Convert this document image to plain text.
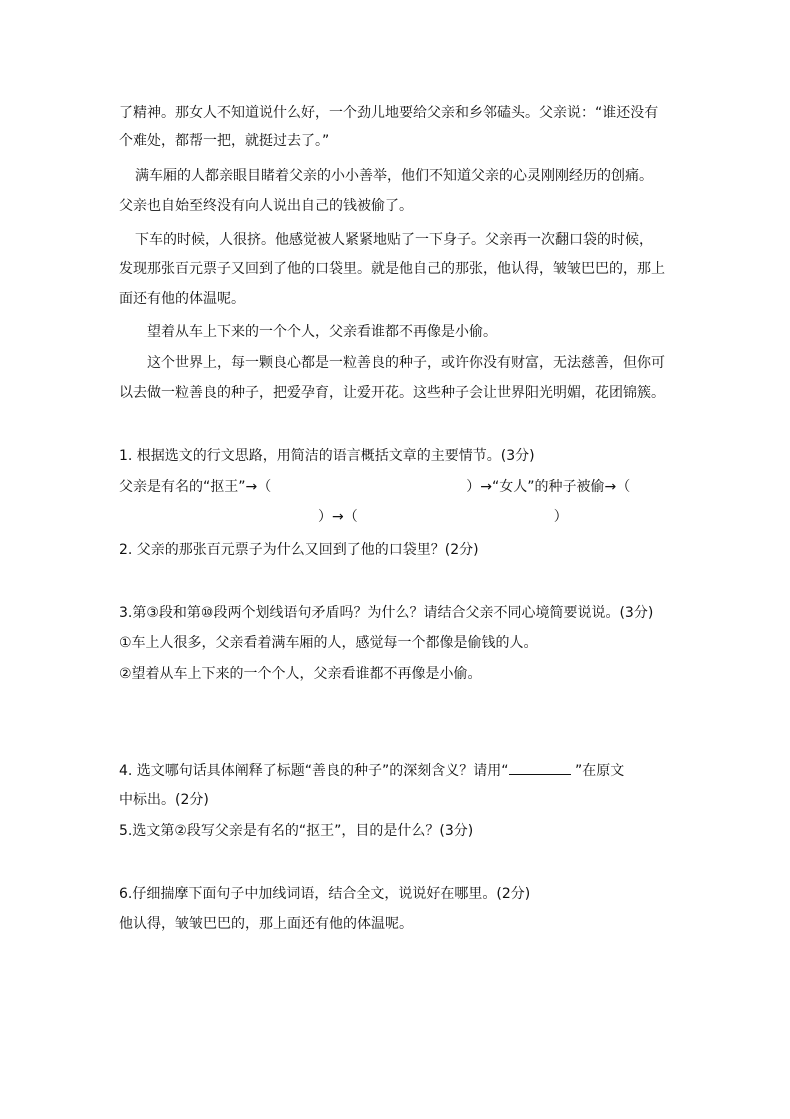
了精神。那女人不知道说什么好，一个劲儿地要给父亲和乡邻磕头。父亲说：“谁还没有
个难处，都帮一把，就挺过去了。”
满车厢的人都亲眼目睹着父亲的小小善举，他们不知道父亲的心灵刚刚经历的创痛。
父亲也自始至终没有向人说出自己的钱被偷了。
下车的时候，人很挤。他感觉被人紧紧地贴了一下身子。父亲再一次翻口袋的时候，
发现那张百元票子又回到了他的口袋里。就是他自己的那张，他认得，皱皱巴巴的，那上
面还有他的体温呢。
望着从车上下来的一个个人，父亲看谁都不再像是小偷。
这个世界上，每一颗良心都是一粒善良的种子，或许你没有财富，无法慈善，但你可
以去做一粒善良的种子，把爱孕育，让爱开花。这些种子会让世界阳光明媚，花团锦簇。
1. 根据选文的行文思路，用简洁的语言概括文章的主要情节。(3分)
父亲是有名的“抠王”→（	）→“女人”的种子被偷→（
）→（	）
2. 父亲的那张百元票子为什么又回到了他的口袋里？(2分)
3.第③段和第⑩段两个划线语句矛盾吗？为什么？请结合父亲不同心境简要说说。(3分)
①车上人很多，父亲看着满车厢的人，感觉每一个都像是偷钱的人。
②望着从车上下来的一个个人，父亲看谁都不再像是小偷。
4. 选文哪句话具体阐释了标题“善良的种子”的深刻含义？请用“	”在原文
中标出。(2分)
5.选文第②段写父亲是有名的“抠王”，目的是什么？(3分)
6.仔细揣摩下面句子中加线词语，结合全文，说说好在哪里。(2分)
他认得，皱皱巴巴的，那上面还有他的体温呢。
